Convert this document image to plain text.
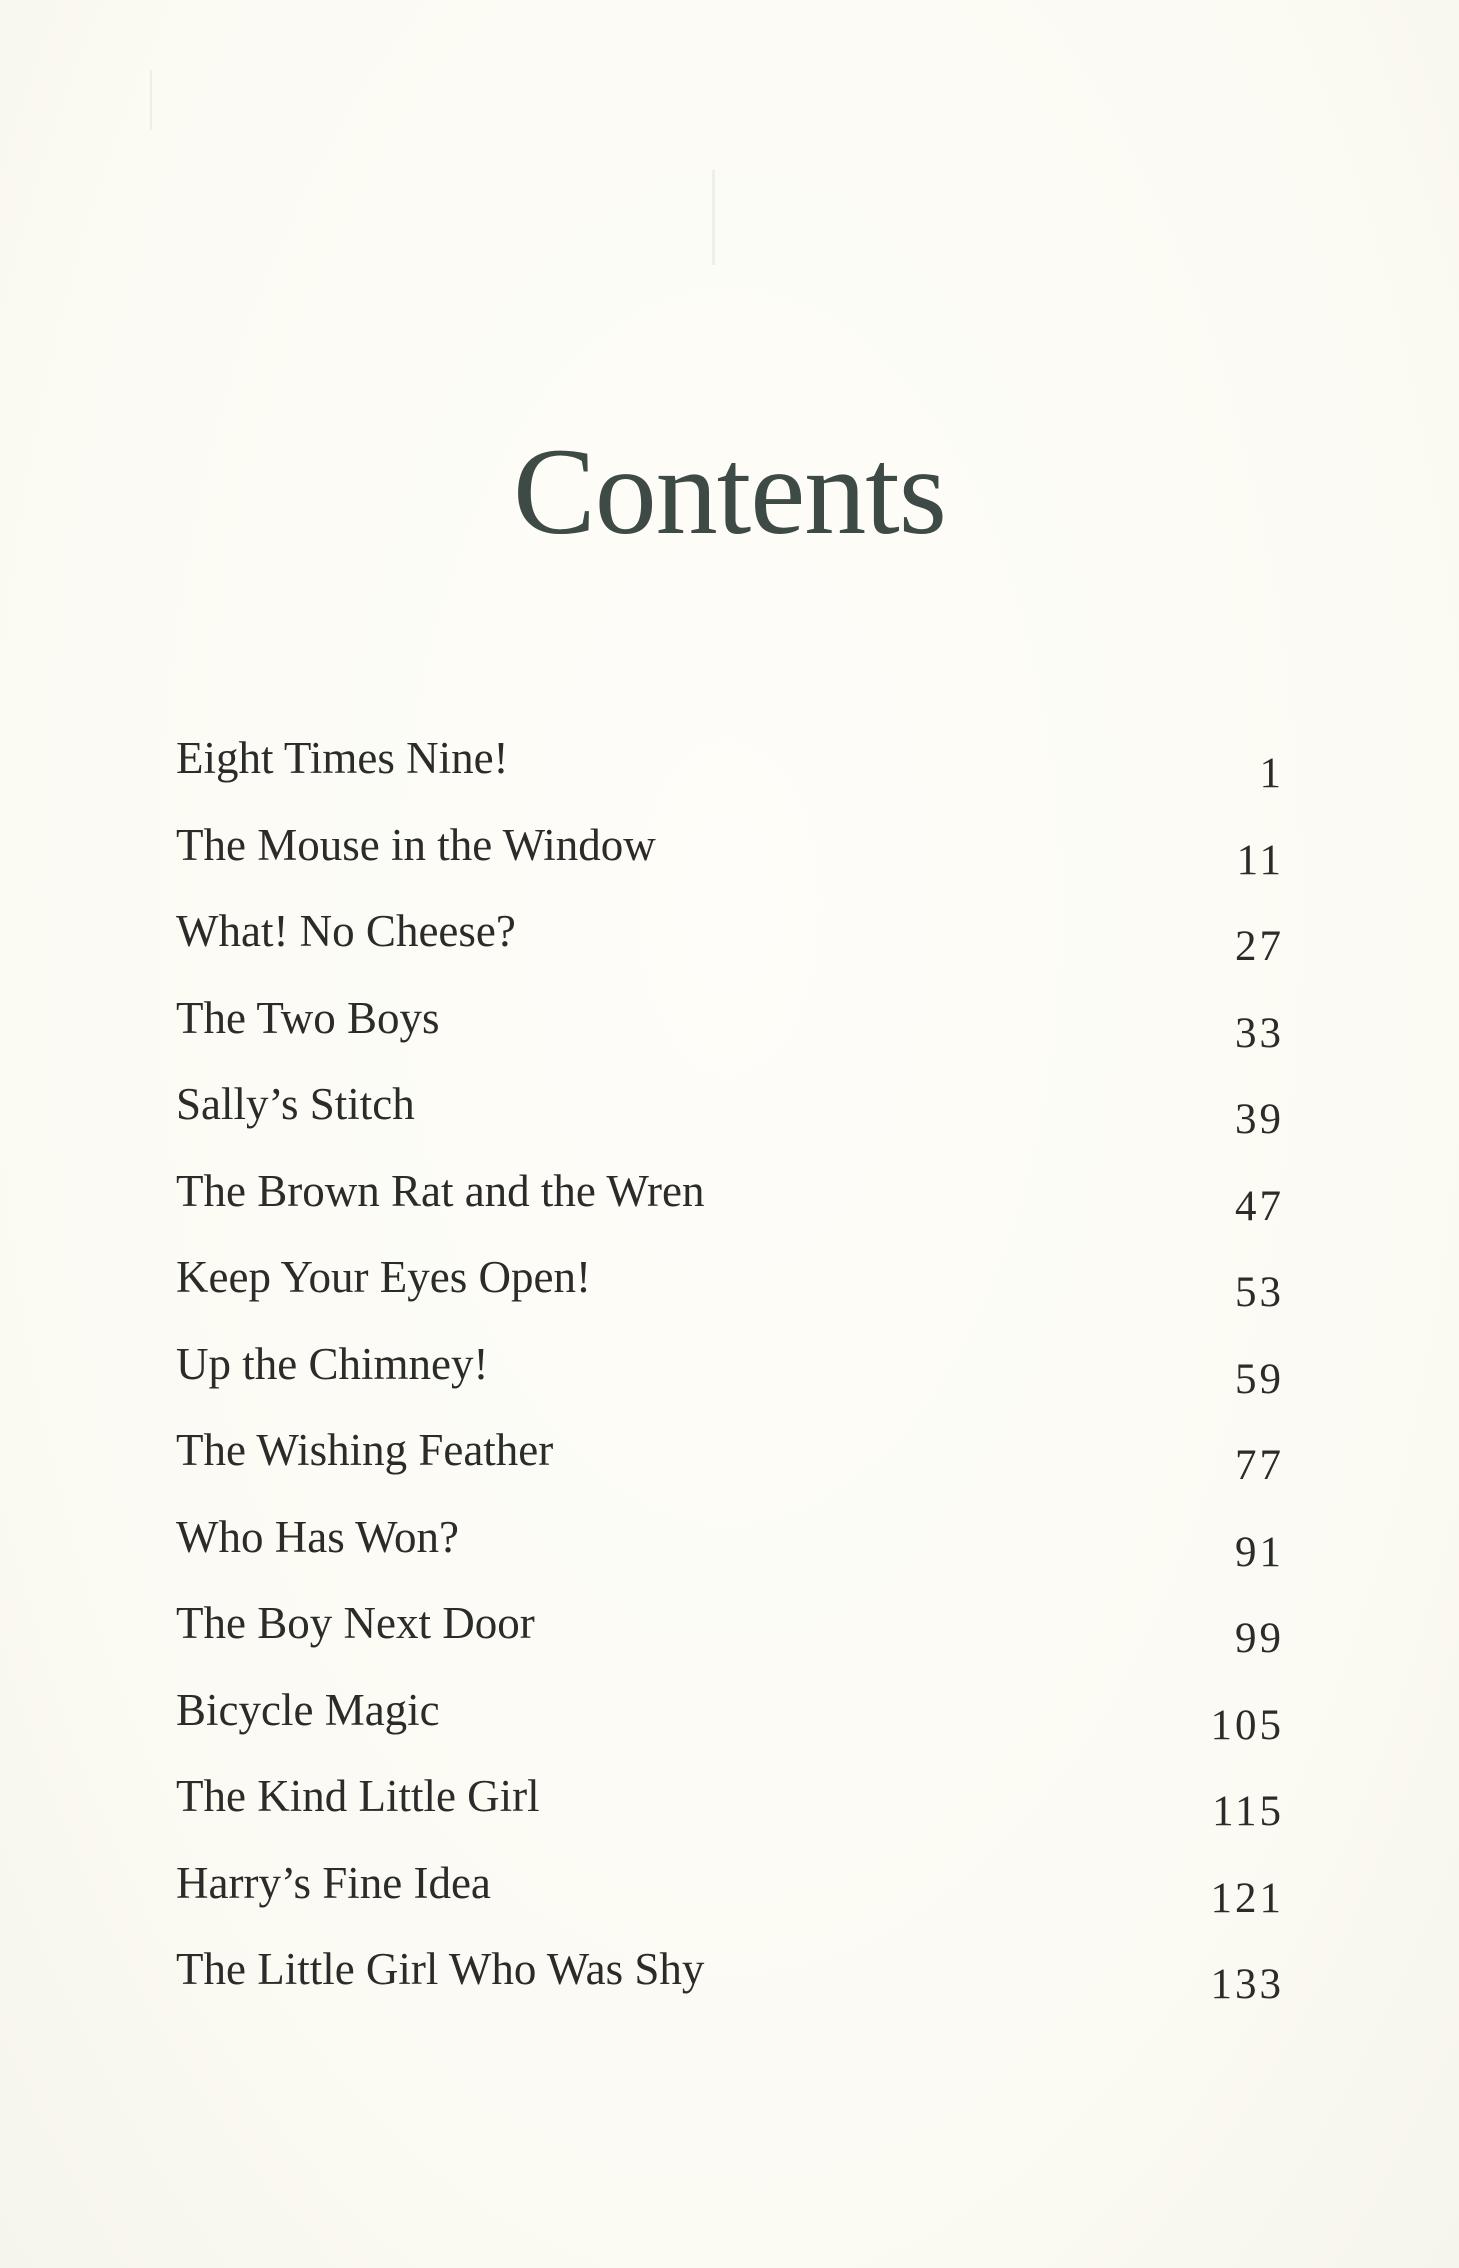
Contents
Eight Times Nine!	1
The Mouse in the Window	11
What! No Cheese?	27
The Two Boys	33
Sally’s Stitch	39
The Brown Rat and the Wren	47
Keep Your Eyes Open!	53
Up the Chimney!	59
The Wishing Feather	77
Who Has Won?	91
The Boy Next Door	99
Bicycle Magic	105
The Kind Little Girl	115
Harry’s Fine Idea	121
The Little Girl Who Was Shy	133
